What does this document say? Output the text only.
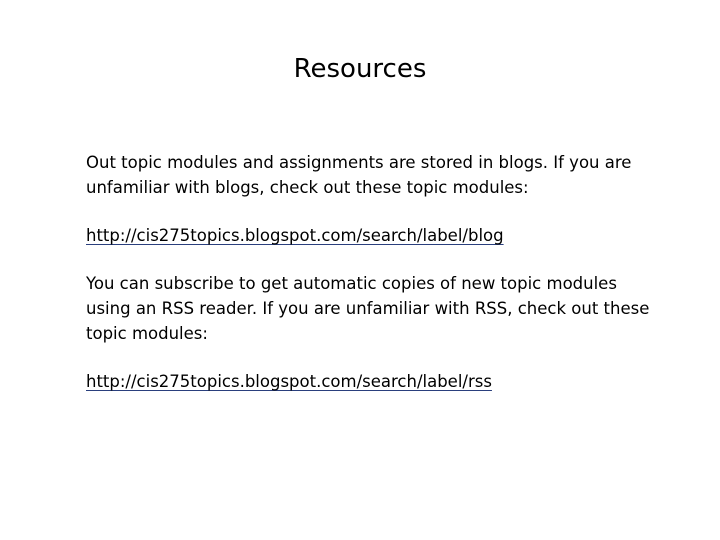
Resources

Out topic modules and assignments are stored in blogs. If you are unfamiliar with blogs, check out these topic modules:

http://cis275topics.blogspot.com/search/label/blog

You can subscribe to get automatic copies of new topic modules using an RSS reader. If you are unfamiliar with RSS, check out these topic modules:

http://cis275topics.blogspot.com/search/label/rss
